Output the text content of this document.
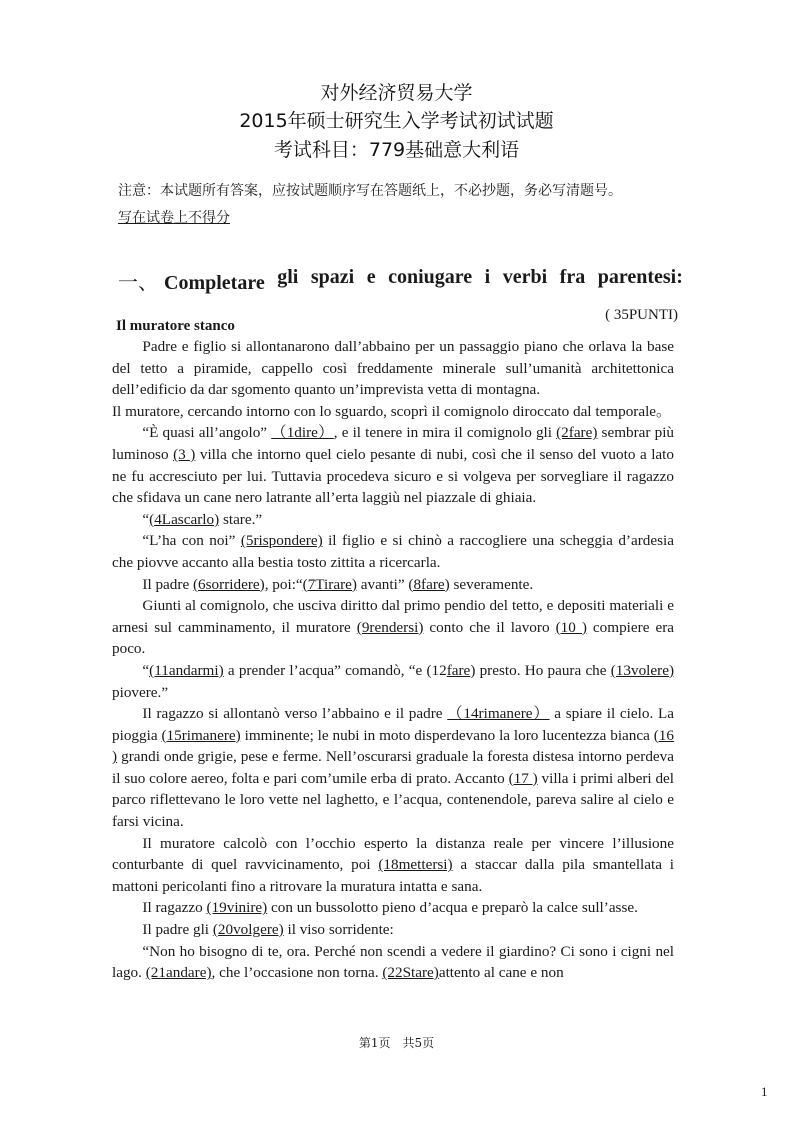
对外经济贸易大学
2015年硕士研究生入学考试初试试题
考试科目：779基础意大利语
注意：本试题所有答案，应按试题顺序写在答题纸上，不必抄题，务必写清题号。
写在试卷上不得分
一、 Completare gli spazi e coniugare i verbi fra parentesi:
( 35PUNTI)
Il muratore stanco

Padre e figlio si allontanarono dall’abbaino per un passaggio piano che orlava la base del tetto a piramide, cappello così freddamente minerale sull’umanità architettonica dell’edificio da dar sgomento quanto un’imprevista vetta di montagna.

Il muratore, cercando intorno con lo sguardo, scoprì il comignolo diroccato dal temporale。

“È quasi all’angolo” （1dire）, e il tenere in mira il comignolo gli (2fare) sembrar più luminoso (3 ) villa che intorno quel cielo pesante di nubi, così che il senso del vuoto a lato ne fu accresciuto per lui. Tuttavia procedeva sicuro e si volgeva per sorvegliare il ragazzo che sfidava un cane nero latrante all’erta laggiù nel piazzale di ghiaia.

“(4Lascarlo) stare.”

“L’ha con noi” (5rispondere) il figlio e si chinò a raccogliere una scheggia d’ardesia che piovve accanto alla bestia tosto zittita a ricercarla.

Il padre (6sorridere), poi:“(7Tirare) avanti” (8fare) severamente.

Giunti al comignolo, che usciva diritto dal primo pendio del tetto, e depositi materiali e arnesi sul camminamento, il muratore (9rendersi) conto che il lavoro (10 ) compiere era poco.

“(11andarmi) a prender l’acqua” comandò, “e (12fare) presto. Ho paura che (13volere) piovere.”

Il ragazzo si allontanò verso l’abbaino e il padre （14rimanere） a spiare il cielo. La pioggia (15rimanere) imminente; le nubi in moto disperdevano la loro lucentezza bianca (16 ) grandi onde grigie, pese e ferme. Nell’oscurarsi graduale la foresta distesa intorno perdeva il suo colore aereo, folta e pari com’umile erba di prato. Accanto (17 ) villa i primi alberi del parco riflettevano le loro vette nel laghetto, e l’acqua, contenendole, pareva salire al cielo e farsi vicina.

Il muratore calcolò con l’occhio esperto la distanza reale per vincere l’illusione conturbante di quel ravvicinamento, poi (18mettersi) a staccar dalla pila smantellata i mattoni pericolanti fino a ritrovare la muratura intatta e sana.

Il ragazzo (19vinire) con un bussolotto pieno d’acqua e preparò la calce sull’asse.

Il padre gli (20volgere) il viso sorridente:

“Non ho bisogno di te, ora. Perché non scendi a vedere il giardino? Ci sono i cigni nel lago. (21andare), che l’occasione non torna. (22Stare)attento al cane e non

第1页　共5页
1
